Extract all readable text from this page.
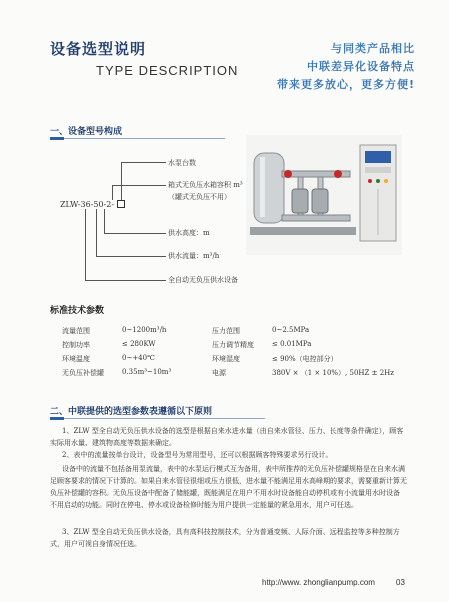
设备选型说明
TYPE DESCRIPTION
与同类产品相比
中联差异化设备特点
带来更多放心，更多方便!
一、设备型号构成
ZLW-36-50-2-
水泵台数
箱式无负压水箱容积 m³
（罐式无负压不用）
供水高度：m
供水流量：m³/h
全自动无负压供水设备
标准技术参数
流量范围	0~1200m³/h	压力范围	0~2.5MPa
控制功率	≤ 280KW	压力调节精度	≤ 0.01MPa
环境温度	0~+40℃	环境湿度	≤ 90%（电控部分）
无负压补偿罐	0.35m³~10m³	电源	380V × （1 × 10%）, 50HZ ± 2Hz
二、中联提供的选型参数表遵循以下原则
1、ZLW 型全自动无负压供水设备的选型是根据自来水进水量（由自来水管径、压力、长度等条件确定），顾客实际用水量、建筑物高度等数据来确定。
2、表中的流量按单台设计，设备型号为常用型号，还可以根据顾客特殊要求另行设计。
设备中的流量不包括备用泵流量，表中的水泵运行模式互为备用，表中所推荐的无负压补偿罐规格是在自来水满足顾客要求的情况下计算的。如果自来水管径很细或压力很低，进水量不能满足用水高峰期的要求，需要重新计算无负压补偿罐的容积。无负压设备中配备了储能罐，既能满足在用户不用水时设备能自动停机或有小流量用水时设备 不用启动的功能。同时在停电、停水或设备检修时能为用户提供一定能量的紧急用水，用户可任选。
3、ZLW 型全自动无负压供水设备，具有高科技控制技术，分为普通变频、人际介面、远程监控等多种控制方式，用户可视自身情况任选。
http://www. zhonglianpump.com	03
